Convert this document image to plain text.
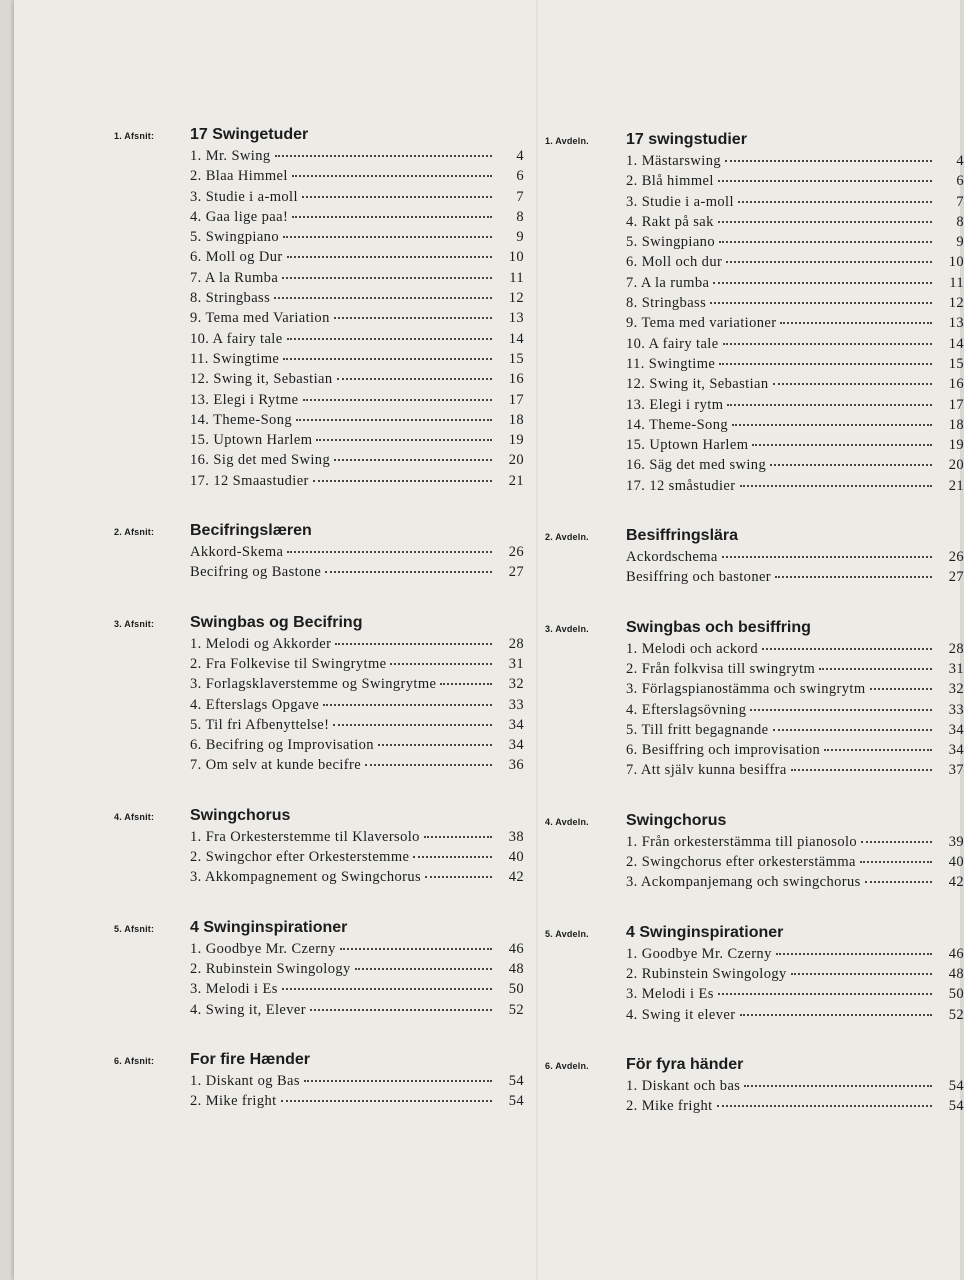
1. Afsnit:	17 Swingetuder
1. Mr. Swing	4
2. Blaa Himmel	6
3. Studie i a-moll	7
4. Gaa lige paa!	8
5. Swingpiano	9
6. Moll og Dur	10
7. A la Rumba	11
8. Stringbass	12
9. Tema med Variation	13
10. A fairy tale	14
11. Swingtime	15
12. Swing it, Sebastian	16
13. Elegi i Rytme	17
14. Theme-Song	18
15. Uptown Harlem	19
16. Sig det med Swing	20
17. 12 Smaastudier	21
2. Afsnit:	Becifringslæren
Akkord-Skema	26
Becifring og Bastone	27
3. Afsnit:	Swingbas og Becifring
1. Melodi og Akkorder	28
2. Fra Folkevise til Swingrytme	31
3. Forlagsklaverstemme og Swingrytme	32
4. Efterslags Opgave	33
5. Til fri Afbenyttelse!	34
6. Becifring og Improvisation	34
7. Om selv at kunde becifre	36
4. Afsnit:	Swingchorus
1. Fra Orkesterstemme til Klaversolo	38
2. Swingchor efter Orkesterstemme	40
3. Akkompagnement og Swingchorus	42
5. Afsnit:	4 Swinginspirationer
1. Goodbye Mr. Czerny	46
2. Rubinstein Swingology	48
3. Melodi i Es	50
4. Swing it, Elever	52
6. Afsnit:	For fire Hænder
1. Diskant og Bas	54
2. Mike fright	54
1. Avdeln.	17 swingstudier
1. Mästarswing	4
2. Blå himmel	6
3. Studie i a-moll	7
4. Rakt på sak	8
5. Swingpiano	9
6. Moll och dur	10
7. A la rumba	11
8. Stringbass	12
9. Tema med variationer	13
10. A fairy tale	14
11. Swingtime	15
12. Swing it, Sebastian	16
13. Elegi i rytm	17
14. Theme-Song	18
15. Uptown Harlem	19
16. Säg det med swing	20
17. 12 småstudier	21
2. Avdeln.	Besiffringslära
Ackordschema	26
Besiffring och bastoner	27
3. Avdeln.	Swingbas och besiffring
1. Melodi och ackord	28
2. Från folkvisa till swingrytm	31
3. Förlagspianostämma och swingrytm	32
4. Efterslagsövning	33
5. Till fritt begagnande	34
6. Besiffring och improvisation	34
7. Att själv kunna besiffra	37
4. Avdeln.	Swingchorus
1. Från orkesterstämma till pianosolo	39
2. Swingchorus efter orkesterstämma	40
3. Ackompanjemang och swingchorus	42
5. Avdeln.	4 Swinginspirationer
1. Goodbye Mr. Czerny	46
2. Rubinstein Swingology	48
3. Melodi i Es	50
4. Swing it elever	52
6. Avdeln.	För fyra händer
1. Diskant och bas	54
2. Mike fright	54
